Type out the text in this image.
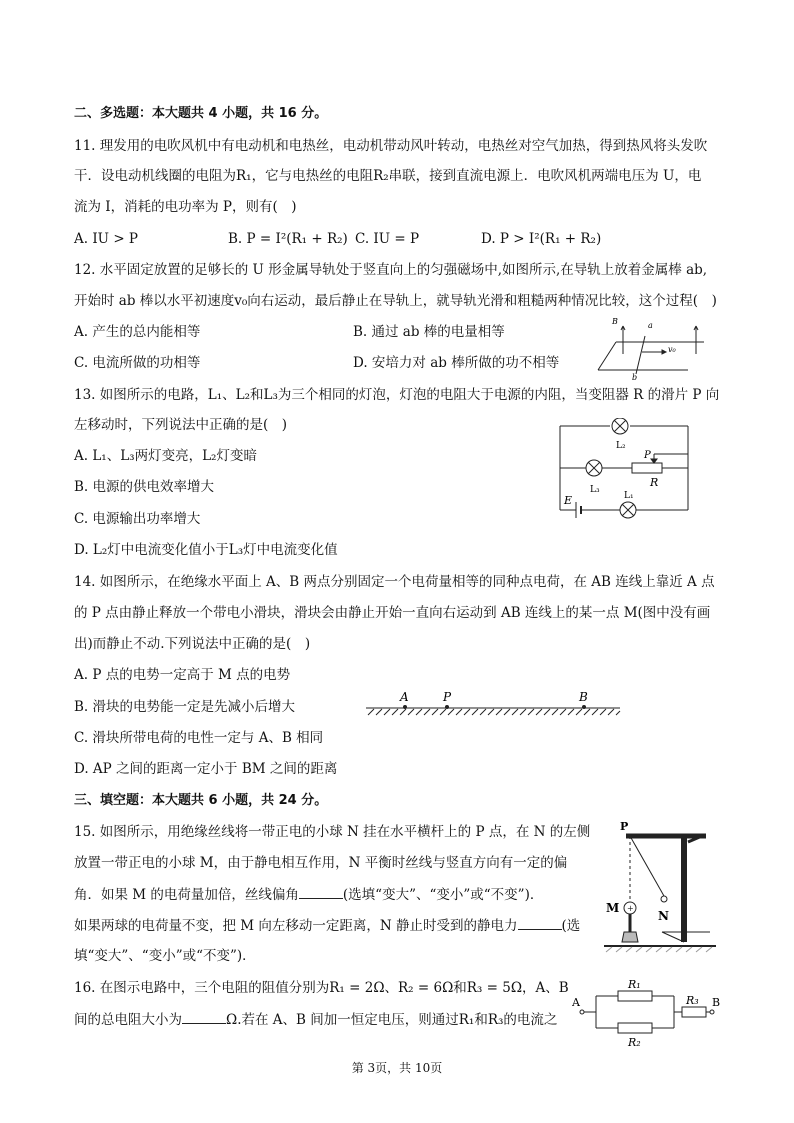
二、多选题：本大题共 4 小题，共 16 分。
11. 理发用的电吹风机中有电动机和电热丝，电动机带动风叶转动，电热丝对空气加热，得到热风将头发吹
干．设电动机线圈的电阻为R₁，它与电热丝的电阻R₂串联，接到直流电源上．电吹风机两端电压为 U，电
流为 I，消耗的电功率为 P，则有(　)
A. IU > P	B. P = I²(R₁ + R₂) C. IU = P	D. P > I²(R₁ + R₂)
12. 水平固定放置的足够长的 U 形金属导轨处于竖直向上的匀强磁场中,如图所示,在导轨上放着金属棒 ab,
开始时 ab 棒以水平初速度v₀向右运动，最后静止在导轨上，就导轨光滑和粗糙两种情况比较，这个过程(　)
A. 产生的总内能相等	B. 通过 ab 棒的电量相等
C. 电流所做的功相等	D. 安培力对 ab 棒所做的功不相等
B	a
b
v₀
13. 如图所示的电路，L₁、L₂和L₃为三个相同的灯泡，灯泡的电阻大于电源的内阻，当变阻器 R 的滑片 P 向
左移动时，下列说法中正确的是(　)
A. L₁、L₃两灯变亮，L₂灯变暗
B. 电源的供电效率增大
C. 电源输出功率增大
D. L₂灯中电流变化值小于L₃灯中电流变化值
L₂
L₃
L₁
P
R
E
14. 如图所示，在绝缘水平面上 A、B 两点分别固定一个电荷量相等的同种点电荷，在 AB 连线上靠近 A 点
的 P 点由静止释放一个带电小滑块，滑块会由静止开始一直向右运动到 AB 连线上的某一点 M(图中没有画
出)而静止不动.下列说法中正确的是(　)
A. P 点的电势一定高于 M 点的电势
B. 滑块的电势能一定是先减小后增大
C. 滑块所带电荷的电性一定与 A、B 相同
D. AP 之间的距离一定小于 BM 之间的距离
A	P	B
三、填空题：本大题共 6 小题，共 24 分。
15. 如图所示，用绝缘丝线将一带正电的小球 N 挂在水平横杆上的 P 点，在 N 的左侧
放置一带正电的小球 M，由于静电相互作用，N 平衡时丝线与竖直方向有一定的偏
角．如果 M 的电荷量加倍，丝线偏角	(选填“变大”、“变小”或“不变”)．
如果两球的电荷量不变，把 M 向左移动一定距离，N 静止时受到的静电力	(选
填“变大”、“变小”或“不变”)．
+
P
M
N
16. 在图示电路中，三个电阻的阻值分别为R₁ = 2Ω、R₂ = 6Ω和R₃ = 5Ω，A、B
间的总电阻大小为	Ω.若在 A、B 间加一恒定电压，则通过R₁和R₃的电流之
A	B
R₁
R₂
R₃
第 3页，共 10页
